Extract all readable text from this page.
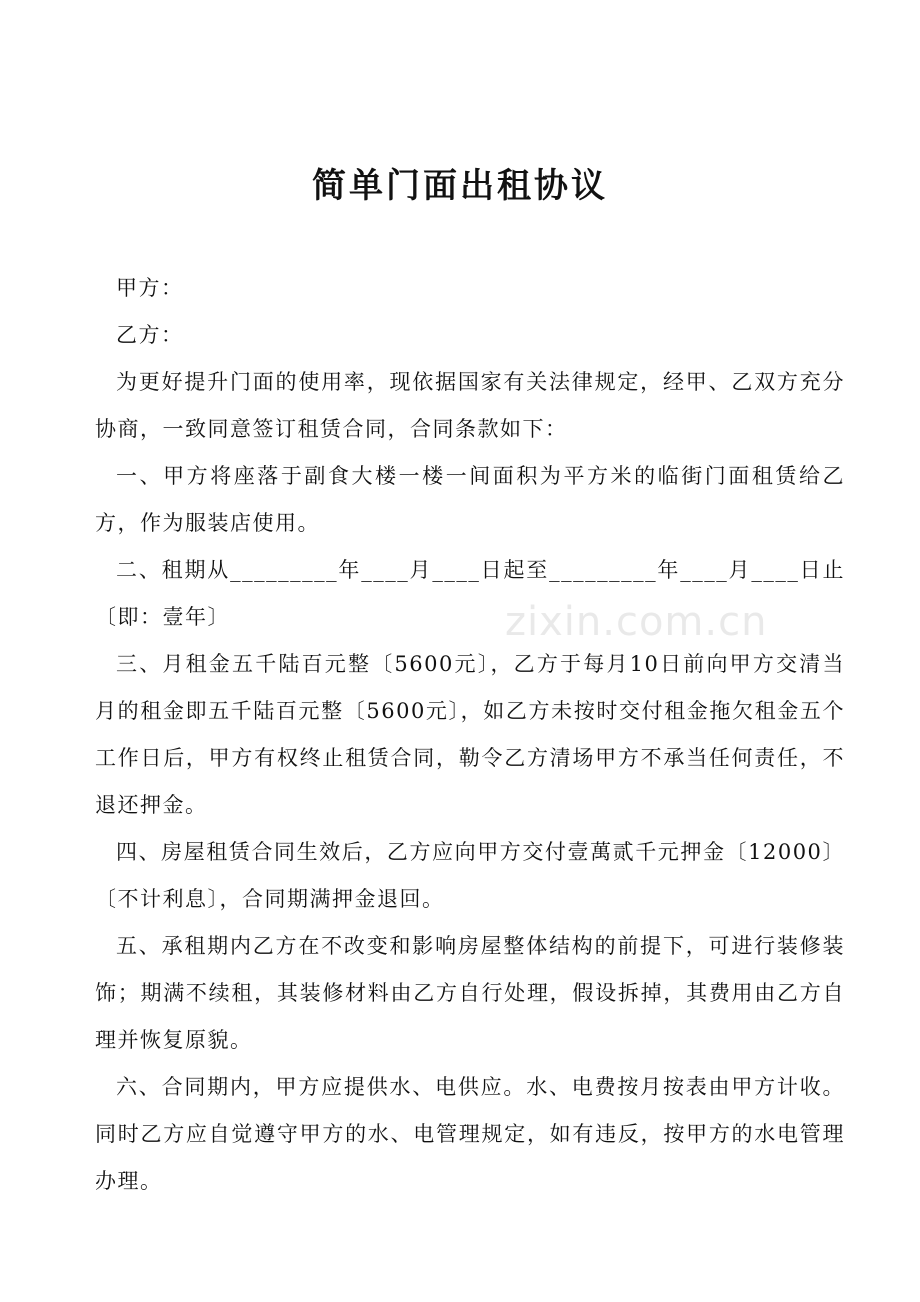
zixin.com.cn
简单门面出租协议

甲方：

乙方：

为更好提升门面的使用率，现依据国家有关法律规定，经甲、乙双方充分协商，一致同意签订租赁合同，合同条款如下：

一、甲方将座落于副食大楼一楼一间面积为平方米的临街门面租赁给乙方，作为服装店使用。

二、租期从_________年____月____日起至_________年____月____日止〔即：壹年〕

三、月租金五千陆百元整〔5600元〕，乙方于每月10日前向甲方交清当月的租金即五千陆百元整〔5600元〕，如乙方未按时交付租金拖欠租金五个工作日后，甲方有权终止租赁合同，勒令乙方清场甲方不承当任何责任，不退还押金。

四、房屋租赁合同生效后，乙方应向甲方交付壹萬贰千元押金〔12000〕〔不计利息〕，合同期满押金退回。

五、承租期内乙方在不改变和影响房屋整体结构的前提下，可进行装修装饰；期满不续租，其装修材料由乙方自行处理，假设拆掉，其费用由乙方自理并恢复原貌。

六、合同期内，甲方应提供水、电供应。水、电费按月按表由甲方计收。同时乙方应自觉遵守甲方的水、电管理规定，如有违反，按甲方的水电管理办理。
